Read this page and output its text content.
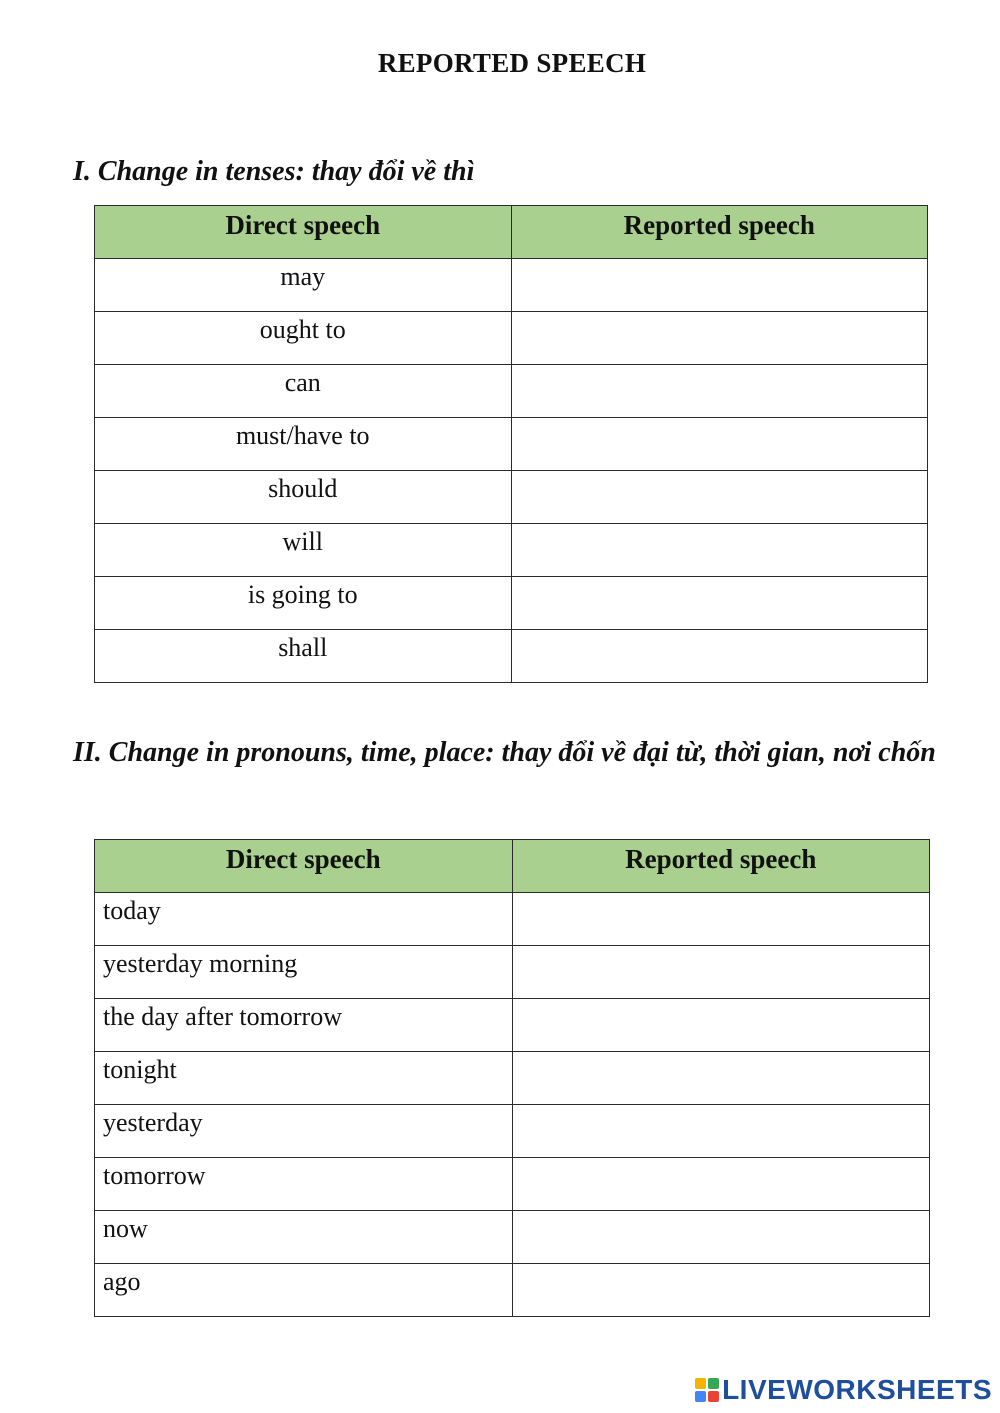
REPORTED SPEECH
I. Change in tenses: thay đổi về thì
Direct speech	Reported speech
may	
ought to	
can	
must/have to	
should	
will	
is going to	
shall	
II. Change in pronouns, time, place: thay đổi về đại từ, thời gian, nơi chốn
Direct speech	Reported speech
today	
yesterday morning	
the day after tomorrow	
tonight	
yesterday	
tomorrow	
now	
ago	
LIVEWORKSHEETS
